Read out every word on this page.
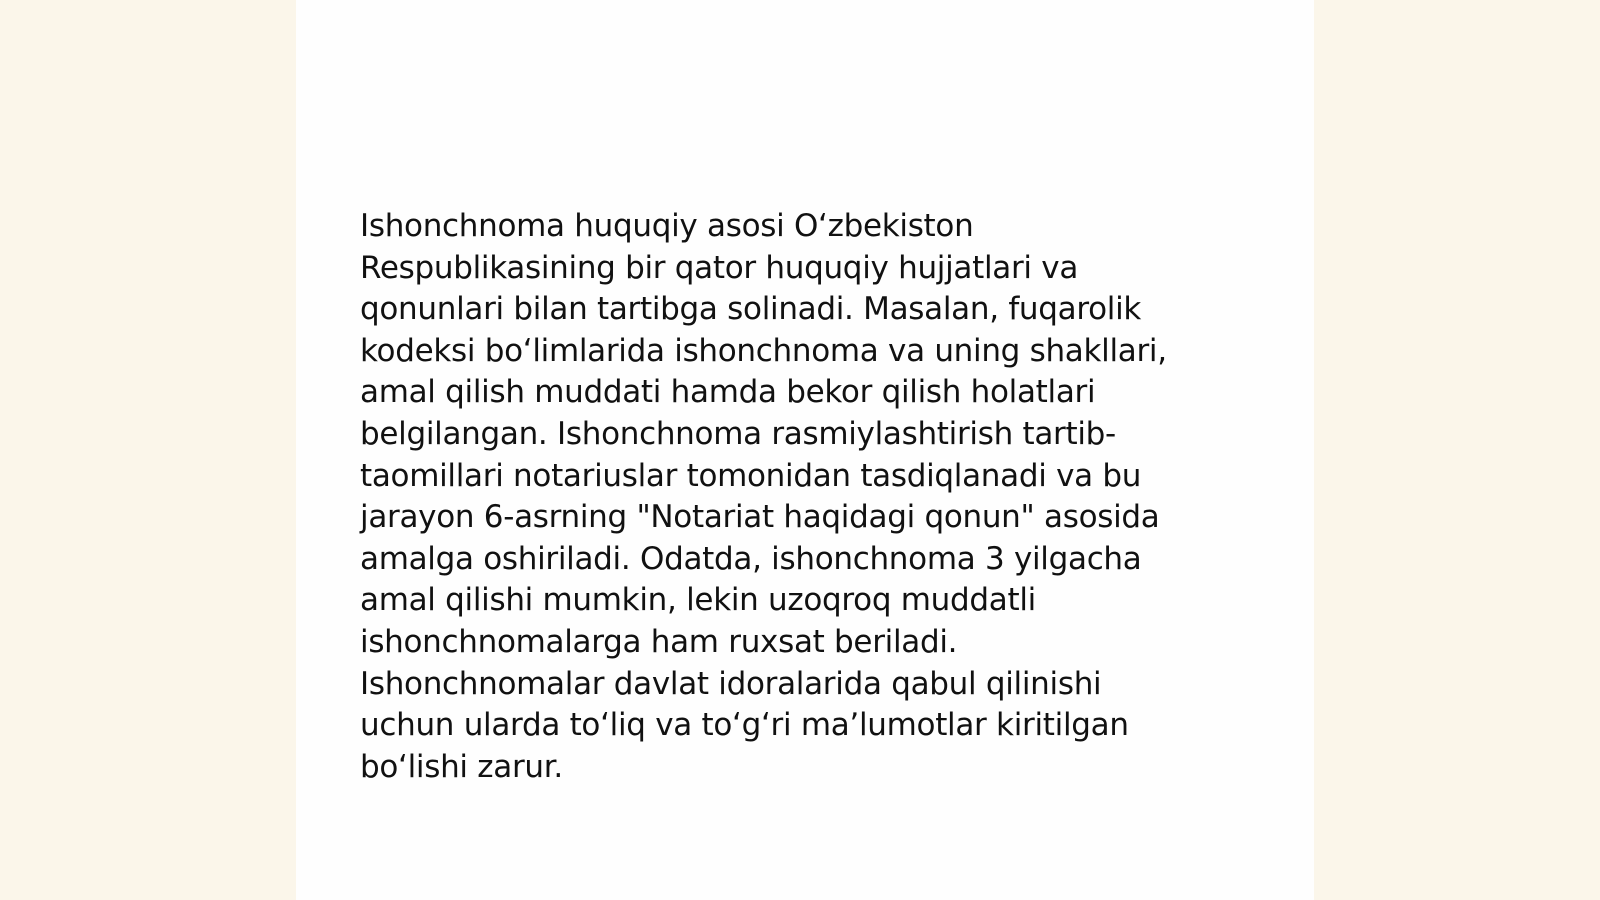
Ishonchnoma huquqiy asosi O‘zbekiston
Respublikasining bir qator huquqiy hujjatlari va
qonunlari bilan tartibga solinadi. Masalan, fuqarolik
kodeksi bo‘limlarida ishonchnoma va uning shakllari,
amal qilish muddati hamda bekor qilish holatlari
belgilangan. Ishonchnoma rasmiylashtirish tartib-
taomillari notariuslar tomonidan tasdiqlanadi va bu
jarayon 6-asrning "Notariat haqidagi qonun" asosida
amalga oshiriladi. Odatda, ishonchnoma 3 yilgacha
amal qilishi mumkin, lekin uzoqroq muddatli
ishonchnomalarga ham ruxsat beriladi.
Ishonchnomalar davlat idoralarida qabul qilinishi
uchun ularda to‘liq va to‘g‘ri ma’lumotlar kiritilgan
bo‘lishi zarur.
